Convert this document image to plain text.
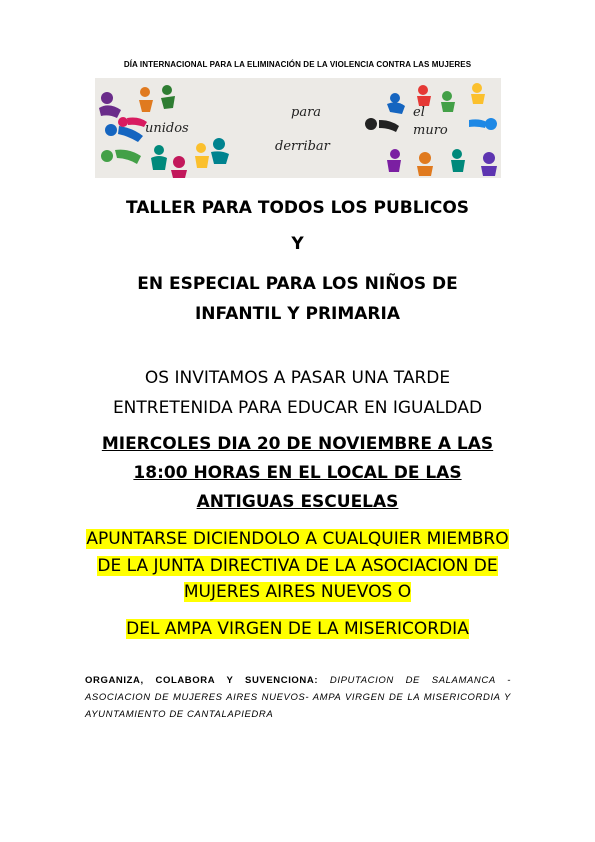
DÍA INTERNACIONAL PARA LA ELIMINACIÓN DE LA VIOLENCIA CONTRA LAS MUJERES
unidos
para
derribar
el
muro
TALLER PARA TODOS LOS PUBLICOS
Y
EN ESPECIAL PARA LOS NIÑOS DE
INFANTIL Y PRIMARIA
OS INVITAMOS A PASAR UNA TARDE
ENTRETENIDA PARA EDUCAR EN IGUALDAD
MIERCOLES DIA 20 DE NOVIEMBRE A LAS
18:00 HORAS EN EL LOCAL DE LAS
ANTIGUAS ESCUELAS
APUNTARSE DICIENDOLO A CUALQUIER MIEMBRO
DE LA JUNTA DIRECTIVA DE LA ASOCIACION DE
MUJERES AIRES NUEVOS O
DEL AMPA VIRGEN DE LA MISERICORDIA
ORGANIZA, COLABORA Y SUVENCIONA: DIPUTACION DE SALAMANCA - ASOCIACION DE MUJERES AIRES NUEVOS- AMPA VIRGEN DE LA MISERICORDIA Y AYUNTAMIENTO DE CANTALAPIEDRA
